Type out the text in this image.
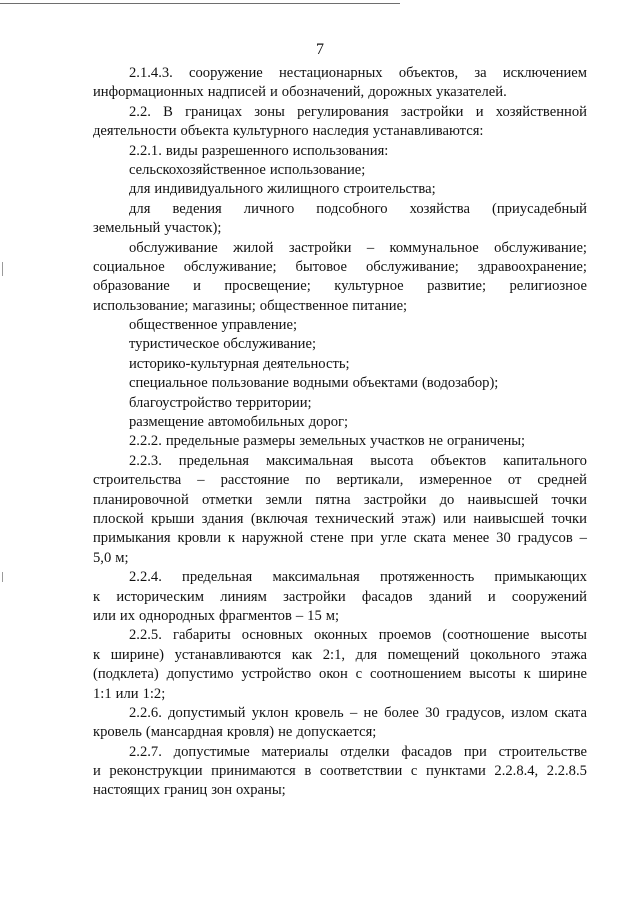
7
2.1.4.3. сооружение нестационарных объектов, за исключением
информационных надписей и обозначений, дорожных указателей.
2.2. В границах зоны регулирования застройки и хозяйственной
деятельности объекта культурного наследия устанавливаются:
2.2.1. виды разрешенного использования:
сельскохозяйственное использование;
для индивидуального жилищного строительства;
для ведения личного подсобного хозяйства (приусадебный
земельный участок);
обслуживание жилой застройки – коммунальное обслуживание;
социальное обслуживание; бытовое обслуживание; здравоохранение;
образование и просвещение; культурное развитие; религиозное
использование; магазины; общественное питание;
общественное управление;
туристическое обслуживание;
историко-культурная деятельность;
специальное пользование водными объектами (водозабор);
благоустройство территории;
размещение автомобильных дорог;
2.2.2. предельные размеры земельных участков не ограничены;
2.2.3. предельная максимальная высота объектов капитального
строительства – расстояние по вертикали, измеренное от средней
планировочной отметки земли пятна застройки до наивысшей точки
плоской крыши здания (включая технический этаж) или наивысшей точки
примыкания кровли к наружной стене при угле ската менее 30 градусов –
5,0 м;
2.2.4. предельная максимальная протяженность примыкающих
к историческим линиям застройки фасадов зданий и сооружений
или их однородных фрагментов – 15 м;
2.2.5. габариты основных оконных проемов (соотношение высоты
к ширине) устанавливаются как 2:1, для помещений цокольного этажа
(подклета) допустимо устройство окон с соотношением высоты к ширине
1:1 или 1:2;
2.2.6. допустимый уклон кровель – не более 30 градусов, излом ската
кровель (мансардная кровля) не допускается;
2.2.7. допустимые материалы отделки фасадов при строительстве
и реконструкции принимаются в соответствии с пунктами 2.2.8.4, 2.2.8.5
настоящих границ зон охраны;
